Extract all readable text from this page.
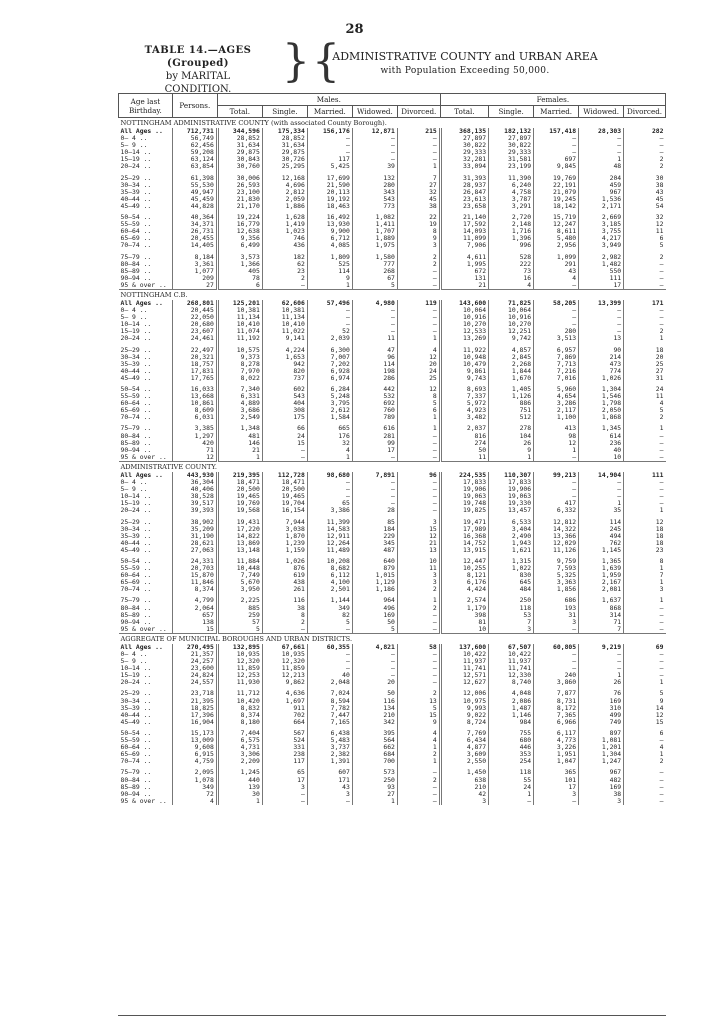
28
TABLE 14.—AGES (Grouped)
by MARITAL
CONDITION.
} {
ADMINISTRATIVE COUNTY and URBAN AREA
with Population Exceeding 50,000.
Age last Birthday.	Persons.	Males.					Females.				
		Total.	Single.	Married.	Widowed.	Divorced.	Total.	Single.	Married.	Widowed.	Divorced.
NOTTINGHAM ADMINISTRATIVE COUNTY (with associated County Borough).											
All Ages ..	712,731	344,596	175,334	156,176	12,871	215	368,135	182,132	157,418	28,303	282
0— 4 ..	56,749	28,852	28,852	—	—	—	27,897	27,897	—	—	—
5— 9 ..	62,456	31,634	31,634	—	—	—	30,822	30,822	—	—	—
10—14 ..	59,208	29,875	29,875	—	—	—	29,333	29,333	—	—	—
15—19 ..	63,124	30,843	30,726	117	—	—	32,281	31,581	697	1	2
20—24 ..	63,854	30,760	25,295	5,425	39	1	33,094	23,199	9,845	48	2

25—29 ..	61,398	30,006	12,168	17,699	132	7	31,393	11,390	19,769	204	30
30—34 ..	55,530	26,593	4,696	21,590	280	27	28,937	6,240	22,191	459	38
35—39 ..	49,947	23,100	2,812	20,113	343	32	26,847	4,758	21,079	967	43
40—44 ..	45,459	21,830	2,059	19,192	543	45	23,613	3,787	19,245	1,536	45
45—49 ..	44,828	21,170	1,886	18,463	773	38	23,658	3,291	18,142	2,171	54

50—54 ..	40,364	19,224	1,628	16,492	1,082	22	21,140	2,720	15,719	2,669	32
55—59 ..	34,371	16,779	1,419	13,930	1,411	19	17,592	2,148	12,247	3,185	12
60—64 ..	26,731	12,638	1,023	9,900	1,707	8	14,093	1,716	8,611	3,755	11
65—69 ..	20,455	9,356	746	6,712	1,889	9	11,099	1,396	5,480	4,217	6
70—74 ..	14,405	6,499	436	4,085	1,975	3	7,906	996	2,956	3,949	5

75—79 ..	8,184	3,573	182	1,809	1,580	2	4,611	528	1,099	2,982	2
80—84 ..	3,361	1,366	62	525	777	2	1,995	222	291	1,482	—
85—89 ..	1,077	405	23	114	268	—	672	73	43	550	—
90—94 ..	209	78	2	9	67	—	131	16	4	111	—
95 & over ..	27	6	—	1	5	—	21	4	—	17	—
NOTTINGHAM C.B.											
All Ages ..	268,801	125,201	62,606	57,496	4,980	119	143,600	71,825	58,205	13,399	171
0— 4 ..	20,445	10,381	10,381	—	—	—	10,064	10,064	—	—	—
5— 9 ..	22,050	11,134	11,134	—	—	—	10,916	10,916	—	—	—
10—14 ..	20,680	10,410	10,410	—	—	—	10,270	10,270	—	—	—
15—19 ..	23,607	11,074	11,022	52	—	—	12,533	12,251	280	—	2
20—24 ..	24,461	11,192	9,141	2,039	11	1	13,269	9,742	3,513	13	1

25—29 ..	22,497	10,575	4,224	6,300	47	4	11,922	4,857	6,957	90	18
30—34 ..	20,321	9,373	1,653	7,007	96	12	10,948	2,845	7,869	214	20
35—39 ..	18,757	8,278	942	7,202	114	20	10,479	2,268	7,713	473	25
40—44 ..	17,831	7,970	820	6,928	198	24	9,861	1,844	7,216	774	27
45—49 ..	17,765	8,022	737	6,974	286	25	9,743	1,670	7,016	1,026	31

50—54 ..	16,033	7,340	602	6,284	442	12	8,693	1,405	5,960	1,304	24
55—59 ..	13,668	6,331	543	5,248	532	8	7,337	1,126	4,654	1,546	11
60—64 ..	10,861	4,889	404	3,795	692	5	5,972	886	3,286	1,798	4
65—69 ..	8,609	3,686	308	2,612	760	6	4,923	751	2,117	2,050	5
70—74 ..	6,031	2,549	175	1,584	789	1	3,482	512	1,100	1,868	2

75—79 ..	3,385	1,348	66	665	616	1	2,037	278	413	1,345	1
80—84 ..	1,297	481	24	176	281	—	816	104	98	614	—
85—89 ..	420	146	15	32	99	—	274	26	12	236	—
90—94 ..	71	21	—	4	17	—	50	9	1	40	—
95 & over ..	12	1	—	1	—	—	11	1	—	10	—
ADMINISTRATIVE COUNTY.											
All Ages ..	443,930	219,395	112,728	98,680	7,891	96	224,535	110,307	99,213	14,904	111
0— 4 ..	36,304	18,471	18,471	—	—	—	17,833	17,833	—	—	—
5— 9 ..	40,406	20,500	20,500	—	—	—	19,906	19,906	—	—	—
10—14 ..	38,528	19,465	19,465	—	—	—	19,063	19,063	—	—	—
15—19 ..	39,517	19,769	19,704	65	—	—	19,748	19,330	417	1	—
20—24 ..	39,393	19,568	16,154	3,386	28	—	19,825	13,457	6,332	35	1

25—29 ..	38,902	19,431	7,944	11,399	85	3	19,471	6,533	12,812	114	12
30—34 ..	35,209	17,220	3,038	14,583	184	15	17,989	3,404	14,322	245	18
35—39 ..	31,190	14,822	1,870	12,911	229	12	16,368	2,490	13,366	494	18
40—44 ..	28,621	13,869	1,239	12,264	345	21	14,752	1,943	12,029	762	18
45—49 ..	27,063	13,148	1,159	11,489	487	13	13,915	1,621	11,126	1,145	23

50—54 ..	24,331	11,884	1,026	10,208	640	10	12,447	1,315	9,759	1,365	8
55—59 ..	20,703	10,448	876	8,682	879	11	10,255	1,022	7,593	1,639	1
60—64 ..	15,870	7,749	619	6,112	1,015	3	8,121	830	5,325	1,959	7
65—69 ..	11,846	5,670	438	4,100	1,129	3	6,176	645	3,363	2,167	1
70—74 ..	8,374	3,950	261	2,501	1,186	2	4,424	484	1,856	2,081	3

75—79 ..	4,799	2,225	116	1,144	964	1	2,574	250	686	1,637	1
80—84 ..	2,064	885	38	349	496	2	1,179	118	193	868	—
85—89 ..	657	259	8	82	169	—	398	53	31	314	—
90—94 ..	138	57	2	5	50	—	81	7	3	71	—
95 & over ..	15	5	—	—	5	—	10	3	—	7	—
AGGREGATE OF MUNICIPAL BOROUGHS AND URBAN DISTRICTS.											
All Ages ..	270,495	132,895	67,661	60,355	4,821	58	137,600	67,507	60,805	9,219	69
0— 4 ..	21,357	10,935	10,935	—	—	—	10,422	10,422	—	—	—
5— 9 ..	24,257	12,320	12,320	—	—	—	11,937	11,937	—	—	—
10—14 ..	23,600	11,859	11,859	—	—	—	11,741	11,741	—	—	—
15—19 ..	24,824	12,253	12,213	40	—	—	12,571	12,330	240	1	—
20—24 ..	24,557	11,930	9,862	2,048	20	—	12,627	8,740	3,860	26	1

25—29 ..	23,718	11,712	4,636	7,024	50	2	12,006	4,048	7,877	76	5
30—34 ..	21,395	10,420	1,697	8,594	116	13	10,975	2,086	8,731	169	9
35—39 ..	18,825	8,832	911	7,782	134	5	9,993	1,487	8,172	310	14
40—44 ..	17,396	8,374	702	7,447	210	15	9,022	1,146	7,365	499	12
45—49 ..	16,904	8,180	664	7,165	342	9	8,724	984	6,966	749	15

50—54 ..	15,173	7,404	567	6,438	395	4	7,769	755	6,117	897	6
55—59 ..	13,009	6,575	524	5,483	564	4	6,434	680	4,773	1,081	—
60—64 ..	9,608	4,731	331	3,737	662	1	4,877	446	3,226	1,201	4
65—69 ..	6,915	3,306	238	2,382	684	2	3,609	353	1,951	1,304	1
70—74 ..	4,759	2,209	117	1,391	700	1	2,550	254	1,047	1,247	2

75—79 ..	2,095	1,245	65	607	573	—	1,450	118	365	967	—
80—84 ..	1,078	440	17	171	250	2	638	55	101	482	—
85—89 ..	349	139	3	43	93	—	210	24	17	169	—
90—94 ..	72	30	—	3	27	—	42	1	3	38	—
95 & over ..	4	1	—	—	1	—	3	—	—	3	—
